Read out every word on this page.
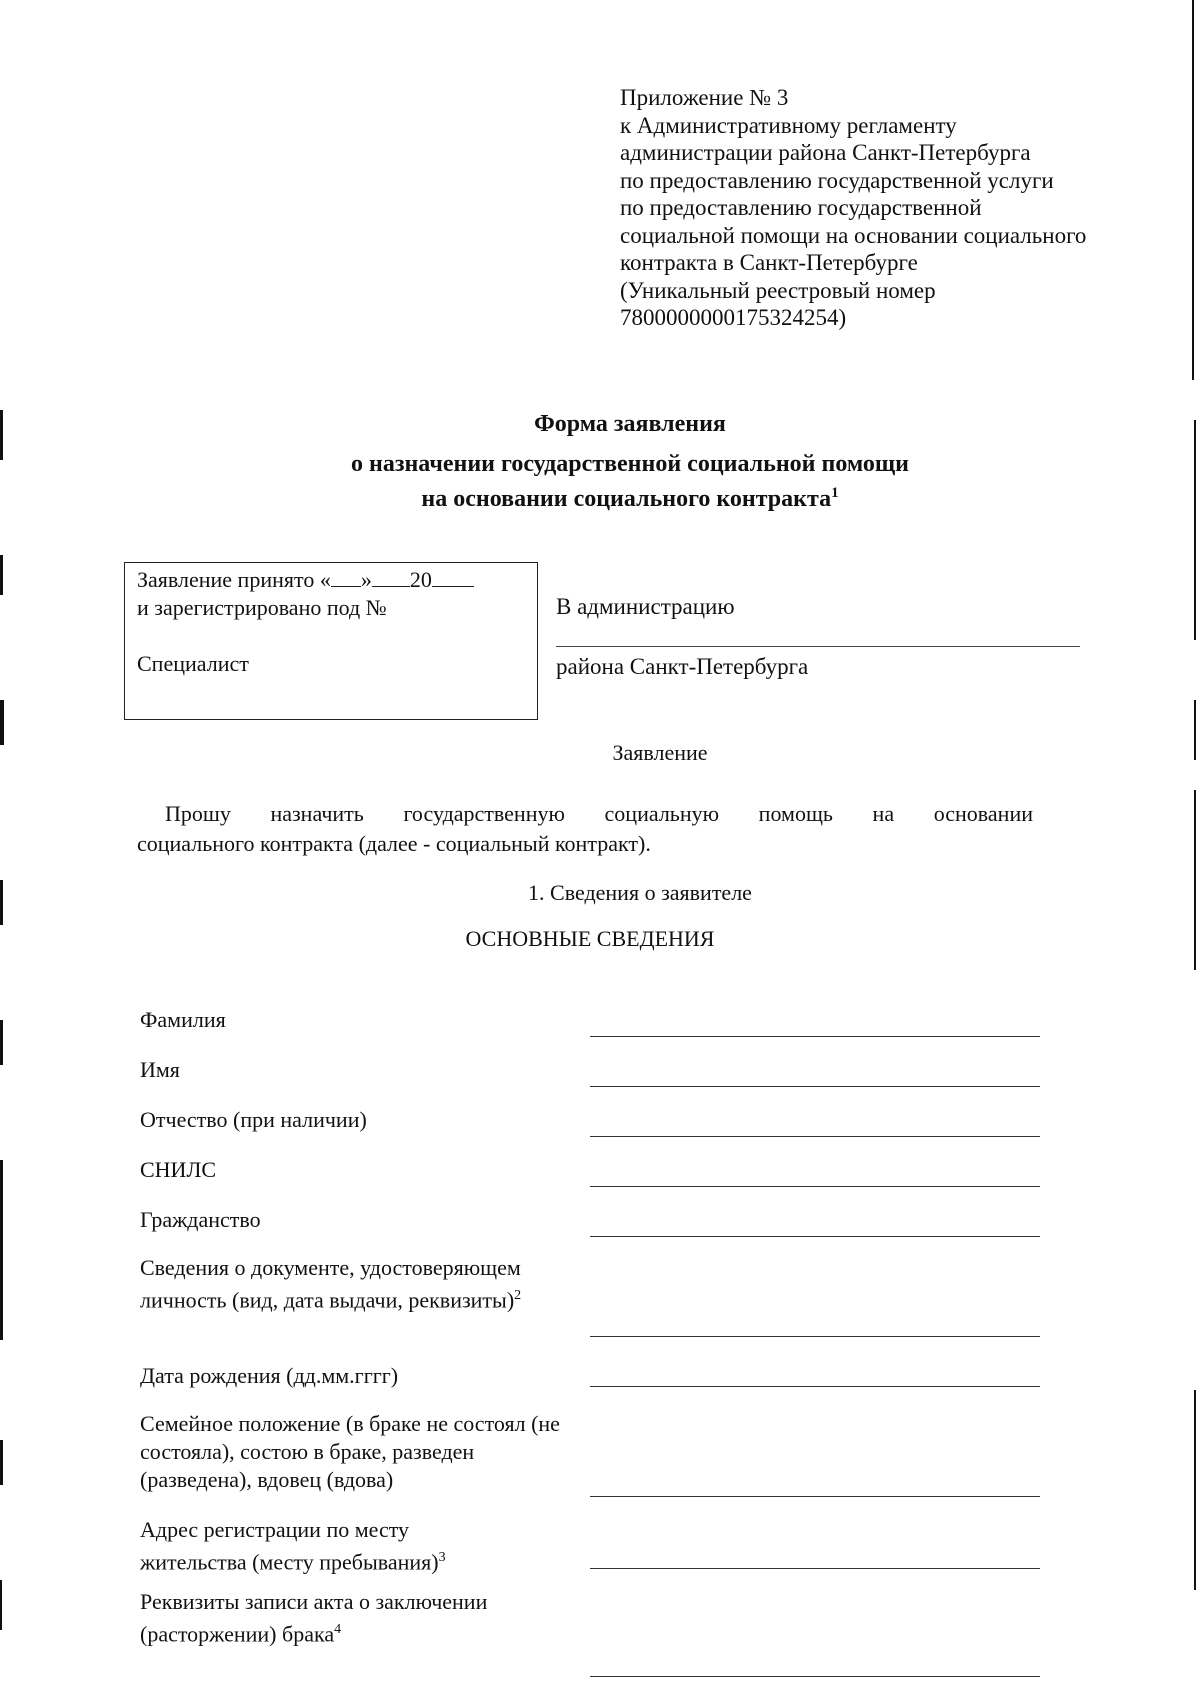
Приложение № 3
к Административному регламенту
администрации района Санкт-Петербурга
по предоставлению государственной услуги
по предоставлению государственной
социальной помощи на основании социального
контракта в Санкт-Петербурге
(Уникальный реестровый номер
7800000000175324254)
Форма заявления
о назначении государственной социальной помощи
на основании социального контракта$^1$
Заявление принято « » 20
и зарегистрировано под №
Специалист
В администрацию
района Санкт-Петербурга
Заявление
Прошу назначить государственную социальную помощь на основании
социального контракта (далее - социальный контракт).
1. Сведения о заявителе
ОСНОВНЫЕ СВЕДЕНИЯ
Фамилия
Имя
Отчество (при наличии)
СНИЛС
Гражданство
Сведения о документе, удостоверяющем личность (вид, дата выдачи, реквизиты)$^2$
Дата рождения (дд.мм.гггг)
Семейное положение (в браке не состоял (не состояла), состою в браке, разведен (разведена), вдовец (вдова)
Адрес регистрации по месту жительства (месту пребывания)$^3$
Реквизиты записи акта о заключении (расторжении) брака$^4$
